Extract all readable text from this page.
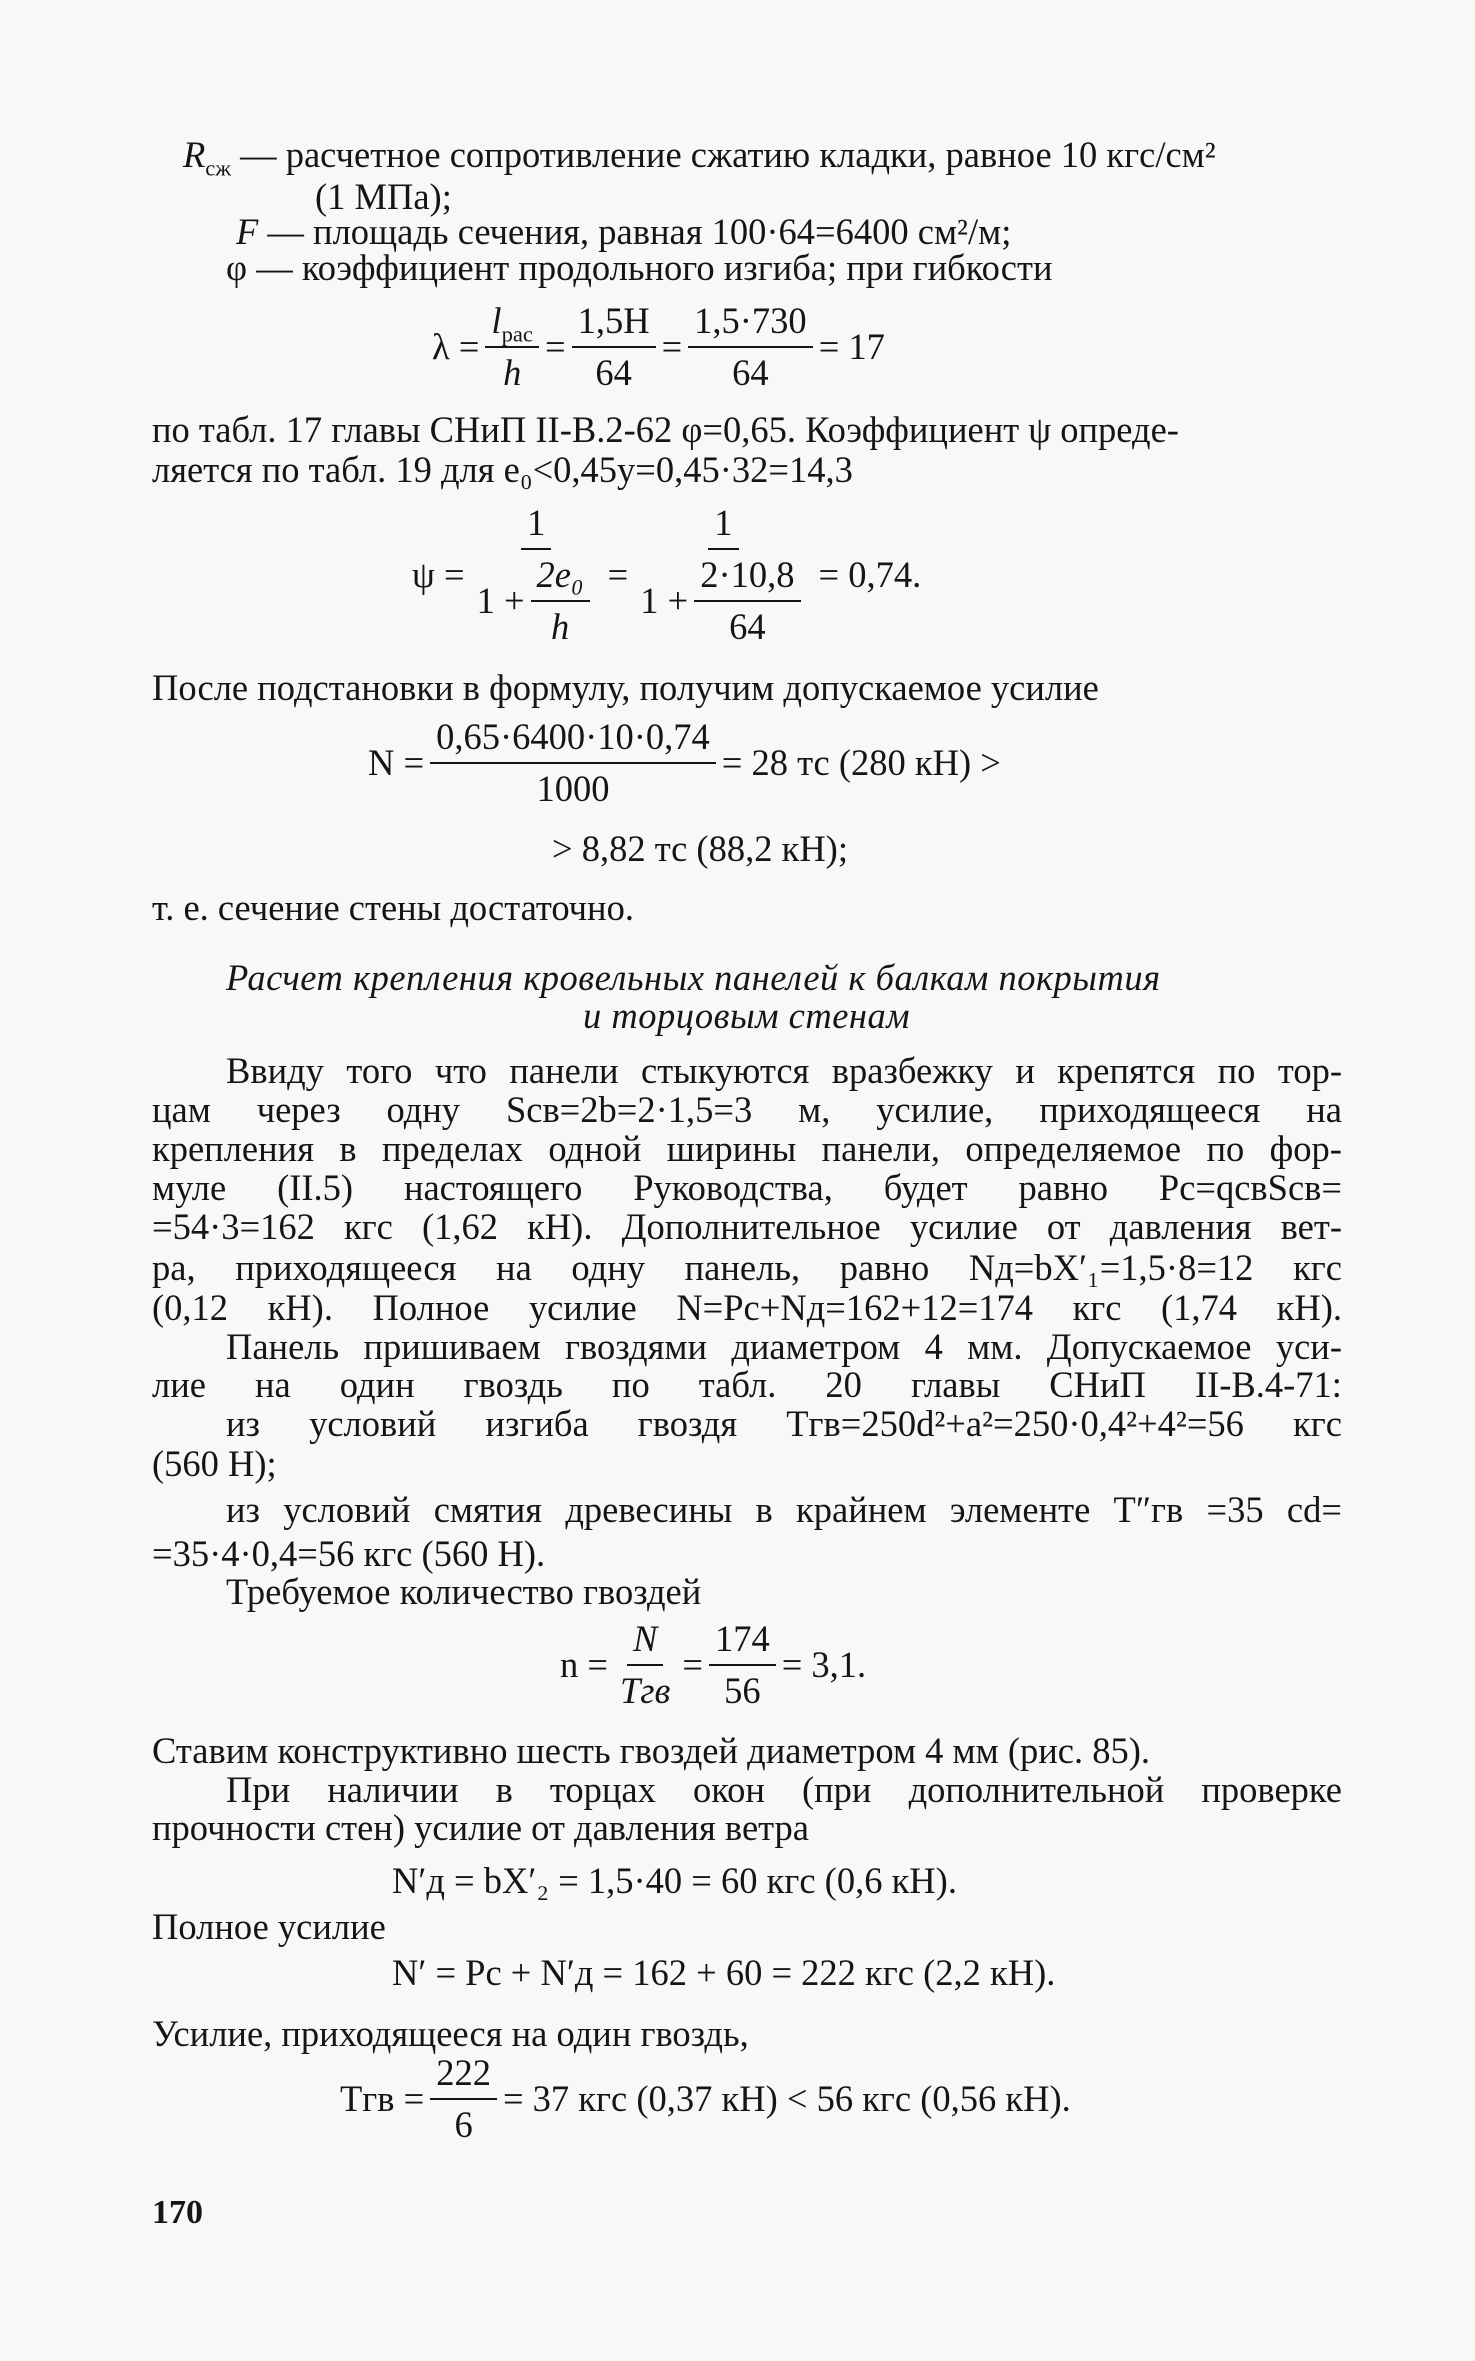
$R_{сж}$ — расчетное сопротивление сжатию кладки, равное 10 кгс/см²
(1 МПа);
F — площадь сечения, равная 100·64=6400 см²/м;
φ — коэффициент продольного изгиба; при гибкости
λ =
$l_{рас}$
h
= $\frac{1,5H}{64} = \frac{1,5\cdot 730}{64} = 17$
по табл. 17 главы СНиП II-В.2-62 φ=0,65. Коэффициент ψ опреде-
ляется по табл. 19 для e₀<0,45y=0,45·32=14,3
$\psi = \frac{1}{1 + \frac{\text{2e₀}}{h}} = \frac{1}{1 + \frac{2\cdot 10,8}{64}} = 0,74$.
После подстановки в формулу, получим допускаемое усилие
$N = \frac{0,65\cdot 6400\cdot 10\cdot 0,74}{1000} = 28$ тс (280 кН) >
> 8,82 тс (88,2 кН);
т. е. сечение стены достаточно.
Расчет крепления кровельных панелей к балкам покрытия
и торцовым стенам
Ввиду того что панели стыкуются вразбежку и крепятся по тор-
цам через одну Sсв=2b=2·1,5=3 м, усилие, приходящееся на
крепления в пределах одной ширины панели, определяемое по фор-
муле (II.5) настоящего Руководства, будет равно Pс=qсвSсв=
=54·3=162 кгс (1,62 кН). Дополнительное усилие от давления вет-
ра, приходящееся на одну панель, равно Nд=bX′₁=1,5·8=12 кгс
(0,12 кН). Полное усилие N=Pс+Nд=162+12=174 кгс (1,74 кН).
Панель пришиваем гвоздями диаметром 4 мм. Допускаемое уси-
лие на один гвоздь по табл. 20 главы СНиП II-В.4-71:
из условий изгиба гвоздя Tгв=250d²+a²=250·0,4²+4²=56 кгс
(560 Н);
из условий смятия древесины в крайнем элементе T″гв =35 cd=
=35·4·0,4=56 кгс (560 Н).
Требуемое количество гвоздей
n =
N
Tгв
= $\frac{174}{56} = 3,1$.
Ставим конструктивно шесть гвоздей диаметром 4 мм (рис. 85).
При наличии в торцах окон (при дополнительной проверке
прочности стен) усилие от давления ветра
N′д = bX′₂ = 1,5·40 = 60 кгс (0,6 кН).
Полное усилие
N′ = Pс + N′д = 162 + 60 = 222 кгс (2,2 кН).
Усилие, приходящееся на один гвоздь,
Tгв = $\frac{222}{6} = 37$ кгс (0,37 кН) < 56 кгс (0,56 кН).
170
